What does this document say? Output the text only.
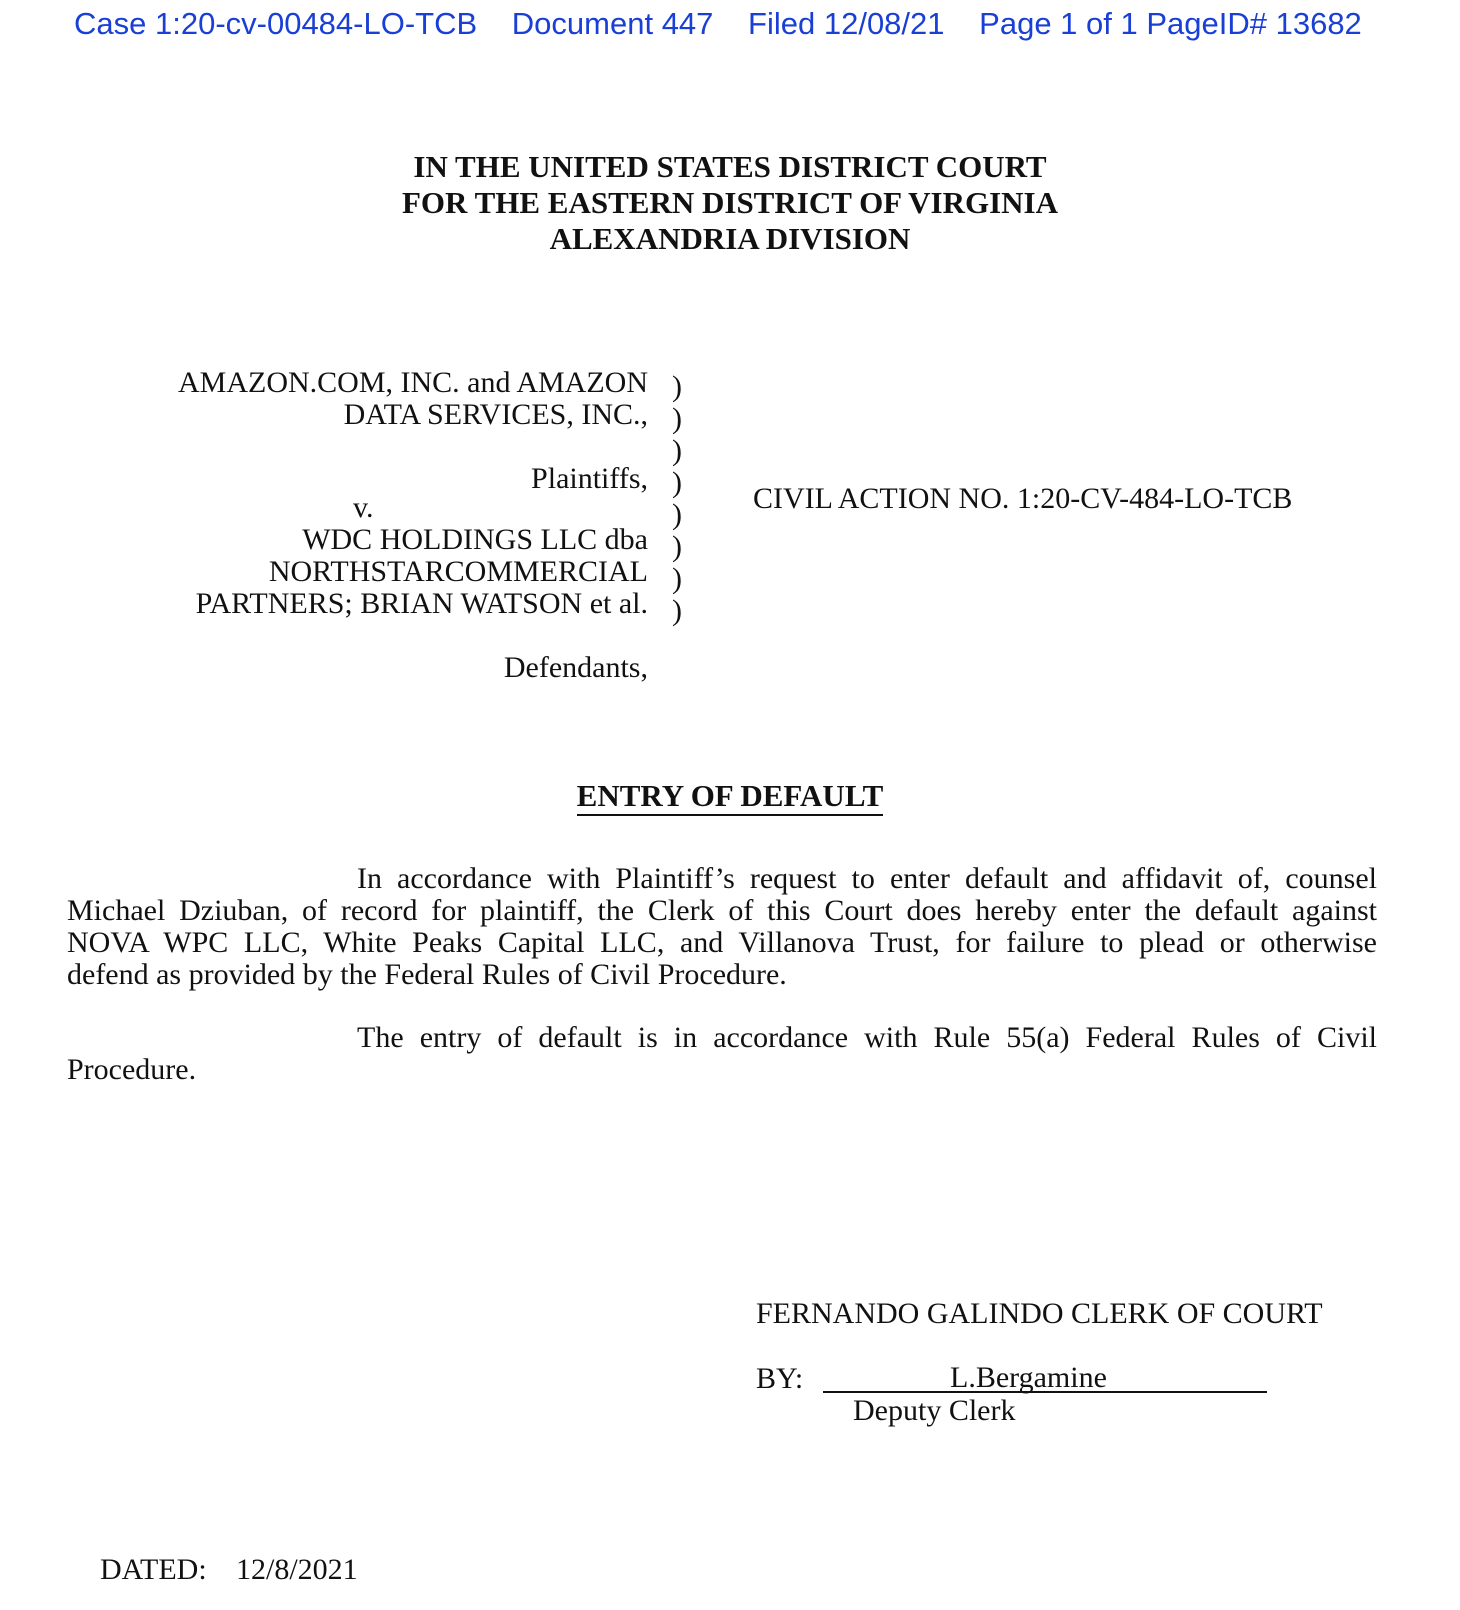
Case 1:20-cv-00484-LO-TCB Document 447 Filed 12/08/21 Page 1 of 1 PageID# 13682
IN THE UNITED STATES DISTRICT COURT
FOR THE EASTERN DISTRICT OF VIRGINIA
ALEXANDRIA DIVISION
AMAZON.COM, INC. and AMAZON
DATA SERVICES, INC.,
Plaintiffs,
v.
WDC HOLDINGS LLC dba
NORTHSTARCOMMERCIAL
PARTNERS; BRIAN WATSON et al.
Defendants,
)
)
)
)
)
)
)
)
CIVIL ACTION NO. 1:20-CV-484-LO-TCB
ENTRY OF DEFAULT
In accordance with Plaintiff’s request to enter default and affidavit of, counsel
Michael Dziuban, of record for plaintiff, the Clerk of this Court does hereby enter the default against
NOVA WPC LLC, White Peaks Capital LLC, and Villanova Trust, for failure to plead or otherwise
defend as provided by the Federal Rules of Civil Procedure.
The entry of default is in accordance with Rule 55(a) Federal Rules of Civil
Procedure.
FERNANDO GALINDO CLERK OF COURT
BY:	L.Bergamine
Deputy Clerk
DATED: 12/8/2021
